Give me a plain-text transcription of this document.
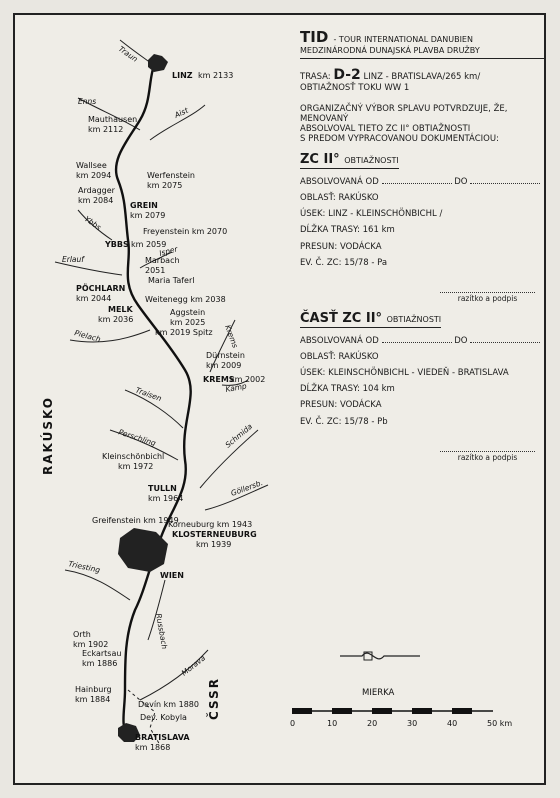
LINZ km 2133
Mauthausen
km 2112
Wallsee
km 2094	Werfenstein
km 2075
Ardagger
km 2084
GREIN
km 2079
Freyenstein km 2070
YBBS km 2059
Marbach
2051
Maria Taferl
PÖCHLARN
km 2044	Weitenegg km 2038
MELK
km 2036
Aggstein
km 2025
km 2019 Spitz
Dürnstein
km 2009
KREMS
km 2002
Kleinschönbichl
km 1972
TULLN
km 1964
Greifenstein km 1949
Korneuburg km 1943
KLOSTERNEUBURG
km 1939
WIEN
Orth
km 1902
Eckartsau
km 1886
Hainburg
km 1884
Devín km 1880
Dev. Kobyla
BRATISLAVA
km 1868
Traun
Enns
Aist
Ybbs
Erlauf
Isper
Pielach	Krems
Kamp
Traisen
Perschling	Schmida
Göllersb.
Triesting
Russbach
Morava
RAKÚSKO
ČSSR	MIERKA
0	10	20	30	40	50 km
TID - TOUR INTERNATIONAL DANUBIEN
MEDZINÁRODNÁ DUNAJSKÁ PLAVBA DRUŽBY
TRASA: D-2 LINZ - BRATISLAVA/265 km/
OBTIAŽNOSŤ TOKU WW 1
ORGANIZAČNÝ VÝBOR SPLAVU POTVRDZUJE, ŽE,
MENOVANÝ
ABSOLVOVAL TIETO ZC II° OBTIAŽNOSTI
S PREDOM VYPRACOVANOU DOKUMENTÁCIOU:
ZC II° OBTIAŽNOSTI
ABSOLVOVANÁ OD	DO
OBLASŤ: RAKÚSKO
ÚSEK: LINZ - KLEINSCHÖNBICHL /
DĹŽKA TRASY: 161 km
PRESUN: VODÁCKA
EV. Č. ZC: 15/78 - Pa
razítko a podpis
ČASŤ ZC II° OBTIAŽNOSTI
ABSOLVOVANÁ OD	DO
OBLASŤ: RAKÚSKO
ÚSEK: KLEINSCHÖNBICHL - VIEDEŇ - BRATISLAVA
DĹŽKA TRASY: 104 km
PRESUN: VODÁCKA
EV. Č. ZC: 15/78 - Pb
razítko a podpis
